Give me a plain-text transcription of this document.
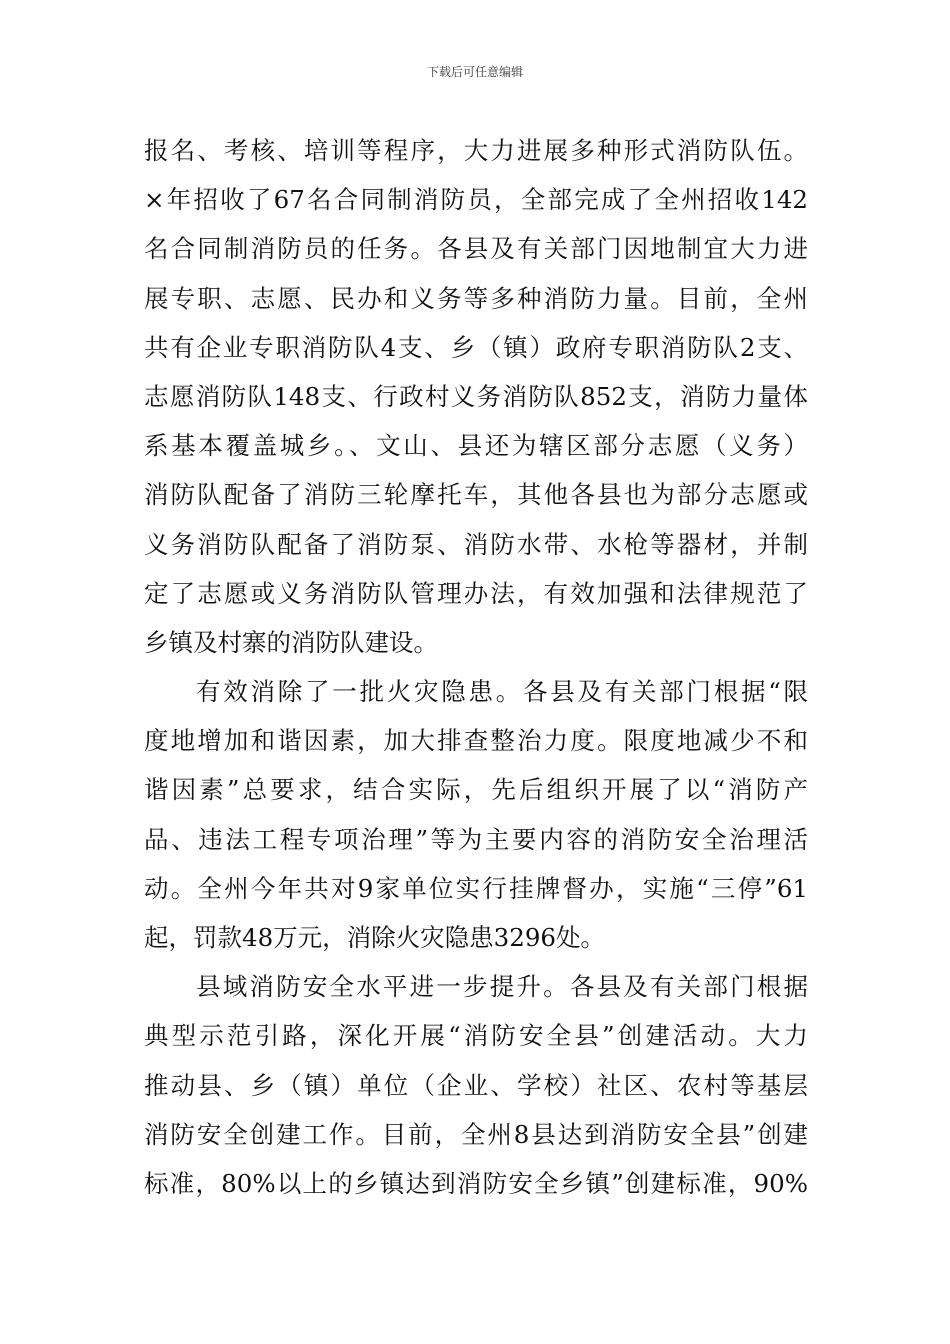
下载后可任意编辑
报名、考核、培训等程序，大力进展多种形式消防队伍。
×年招收了67名合同制消防员，全部完成了全州招收142
名合同制消防员的任务。各县及有关部门因地制宜大力进
展专职、志愿、民办和义务等多种消防力量。目前，全州
共有企业专职消防队4支、乡（镇）政府专职消防队2支、
志愿消防队148支、行政村义务消防队852支，消防力量体
系基本覆盖城乡。、文山、县还为辖区部分志愿（义务）
消防队配备了消防三轮摩托车，其他各县也为部分志愿或
义务消防队配备了消防泵、消防水带、水枪等器材，并制
定了志愿或义务消防队管理办法，有效加强和法律规范了
乡镇及村寨的消防队建设。
有效消除了一批火灾隐患。各县及有关部门根据“限
度地增加和谐因素，加大排查整治力度。限度地减少不和
谐因素”总要求，结合实际，先后组织开展了以“消防产
品、违法工程专项治理”等为主要内容的消防安全治理活
动。全州今年共对9家单位实行挂牌督办，实施“三停”61
起，罚款48万元，消除火灾隐患3296处。
县域消防安全水平进一步提升。各县及有关部门根据
典型示范引路，深化开展“消防安全县”创建活动。大力
推动县、乡（镇）单位（企业、学校）社区、农村等基层
消防安全创建工作。目前，全州8县达到消防安全县”创建
标准，80%以上的乡镇达到消防安全乡镇”创建标准，90%
